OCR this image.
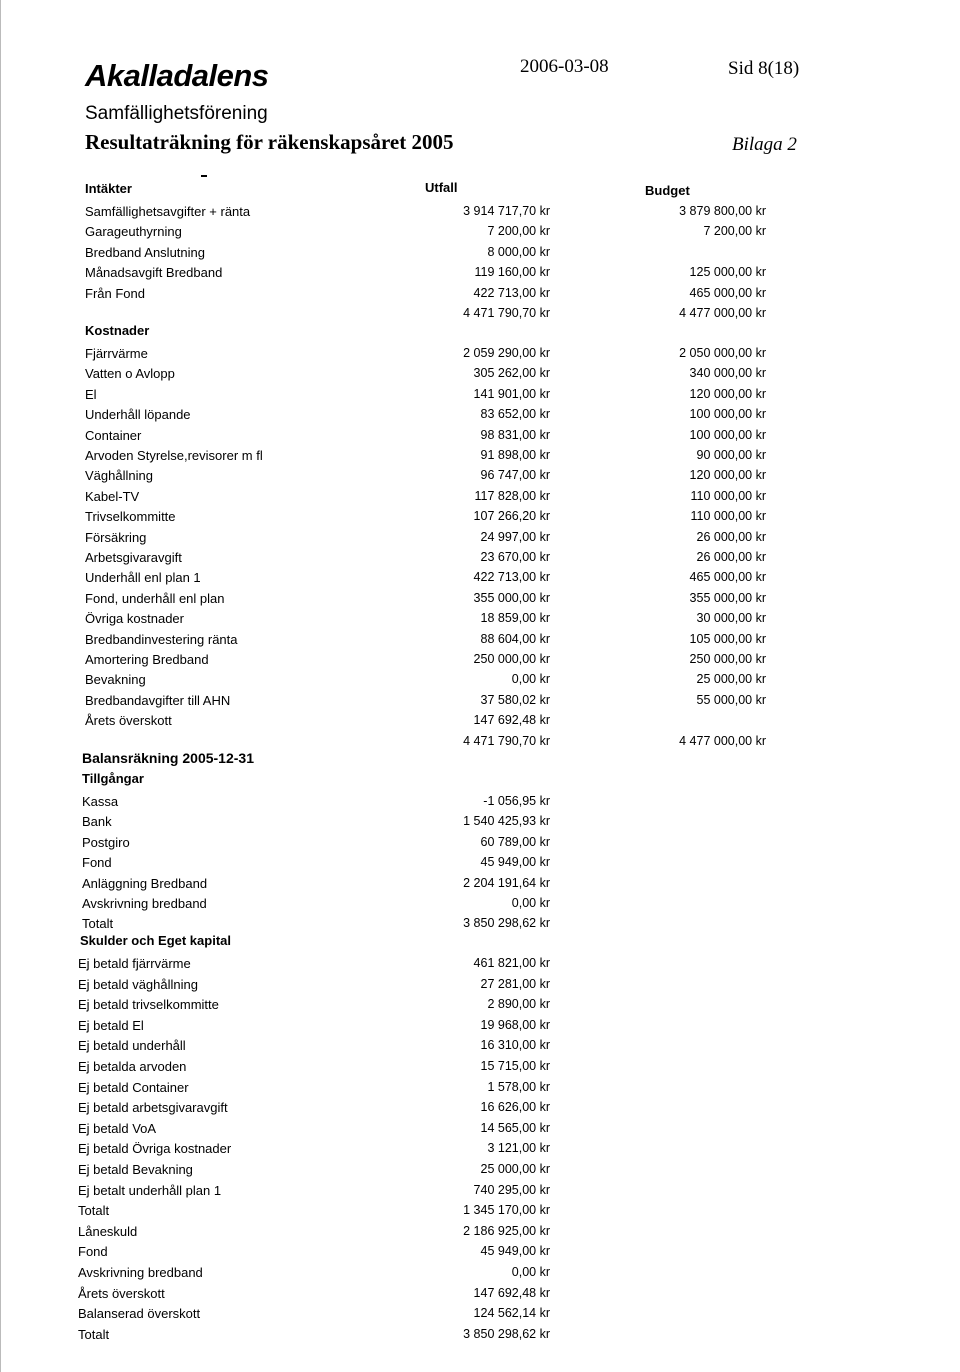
Akalladalens
Samfällighetsförening
Resultaträkning för räkenskapsåret 2005
2006-03-08	Sid 8(18)
Bilaga 2
Utfall	Budget
Intäkter
Samfällighetsavgifter + ränta	3 914 717,70 kr	3 879 800,00 kr
Garageuthyrning	7 200,00 kr	7 200,00 kr
Bredband Anslutning	8 000,00 kr
Månadsavgift Bredband	119 160,00 kr	125 000,00 kr
Från Fond	422 713,00 kr	465 000,00 kr
4 471 790,70 kr	4 477 000,00 kr
Kostnader
Fjärrvärme	2 059 290,00 kr	2 050 000,00 kr
Vatten o Avlopp	305 262,00 kr	340 000,00 kr
El	141 901,00 kr	120 000,00 kr
Underhåll löpande	83 652,00 kr	100 000,00 kr
Container	98 831,00 kr	100 000,00 kr
Arvoden Styrelse,revisorer m fl	91 898,00 kr	90 000,00 kr
Väghållning	96 747,00 kr	120 000,00 kr
Kabel-TV	117 828,00 kr	110 000,00 kr
Trivselkommitte	107 266,20 kr	110 000,00 kr
Försäkring	24 997,00 kr	26 000,00 kr
Arbetsgivaravgift	23 670,00 kr	26 000,00 kr
Underhåll enl plan 1	422 713,00 kr	465 000,00 kr
Fond, underhåll enl plan	355 000,00 kr	355 000,00 kr
Övriga kostnader	18 859,00 kr	30 000,00 kr
Bredbandinvestering ränta	88 604,00 kr	105 000,00 kr
Amortering Bredband	250 000,00 kr	250 000,00 kr
Bevakning	0,00 kr	25 000,00 kr
Bredbandavgifter till AHN	37 580,02 kr	55 000,00 kr
Årets överskott	147 692,48 kr
4 471 790,70 kr	4 477 000,00 kr
Balansräkning 2005-12-31
Tillgångar
Kassa	-1 056,95 kr
Bank	1 540 425,93 kr
Postgiro	60 789,00 kr
Fond	45 949,00 kr
Anläggning Bredband	2 204 191,64 kr
Avskrivning bredband	0,00 kr
Totalt	3 850 298,62 kr
Skulder och Eget kapital
Ej betald fjärrvärme	461 821,00 kr
Ej betald väghållning	27 281,00 kr
Ej betald trivselkommitte	2 890,00 kr
Ej betald El	19 968,00 kr
Ej betald underhåll	16 310,00 kr
Ej betalda arvoden	15 715,00 kr
Ej betald Container	1 578,00 kr
Ej betald arbetsgivaravgift	16 626,00 kr
Ej betald VoA	14 565,00 kr
Ej betald Övriga kostnader	3 121,00 kr
Ej betald Bevakning	25 000,00 kr
Ej betalt underhåll plan 1	740 295,00 kr
Totalt	1 345 170,00 kr
Låneskuld	2 186 925,00 kr
Fond	45 949,00 kr
Avskrivning bredband	0,00 kr
Årets överskott	147 692,48 kr
Balanserad överskott	124 562,14 kr
Totalt	3 850 298,62 kr
